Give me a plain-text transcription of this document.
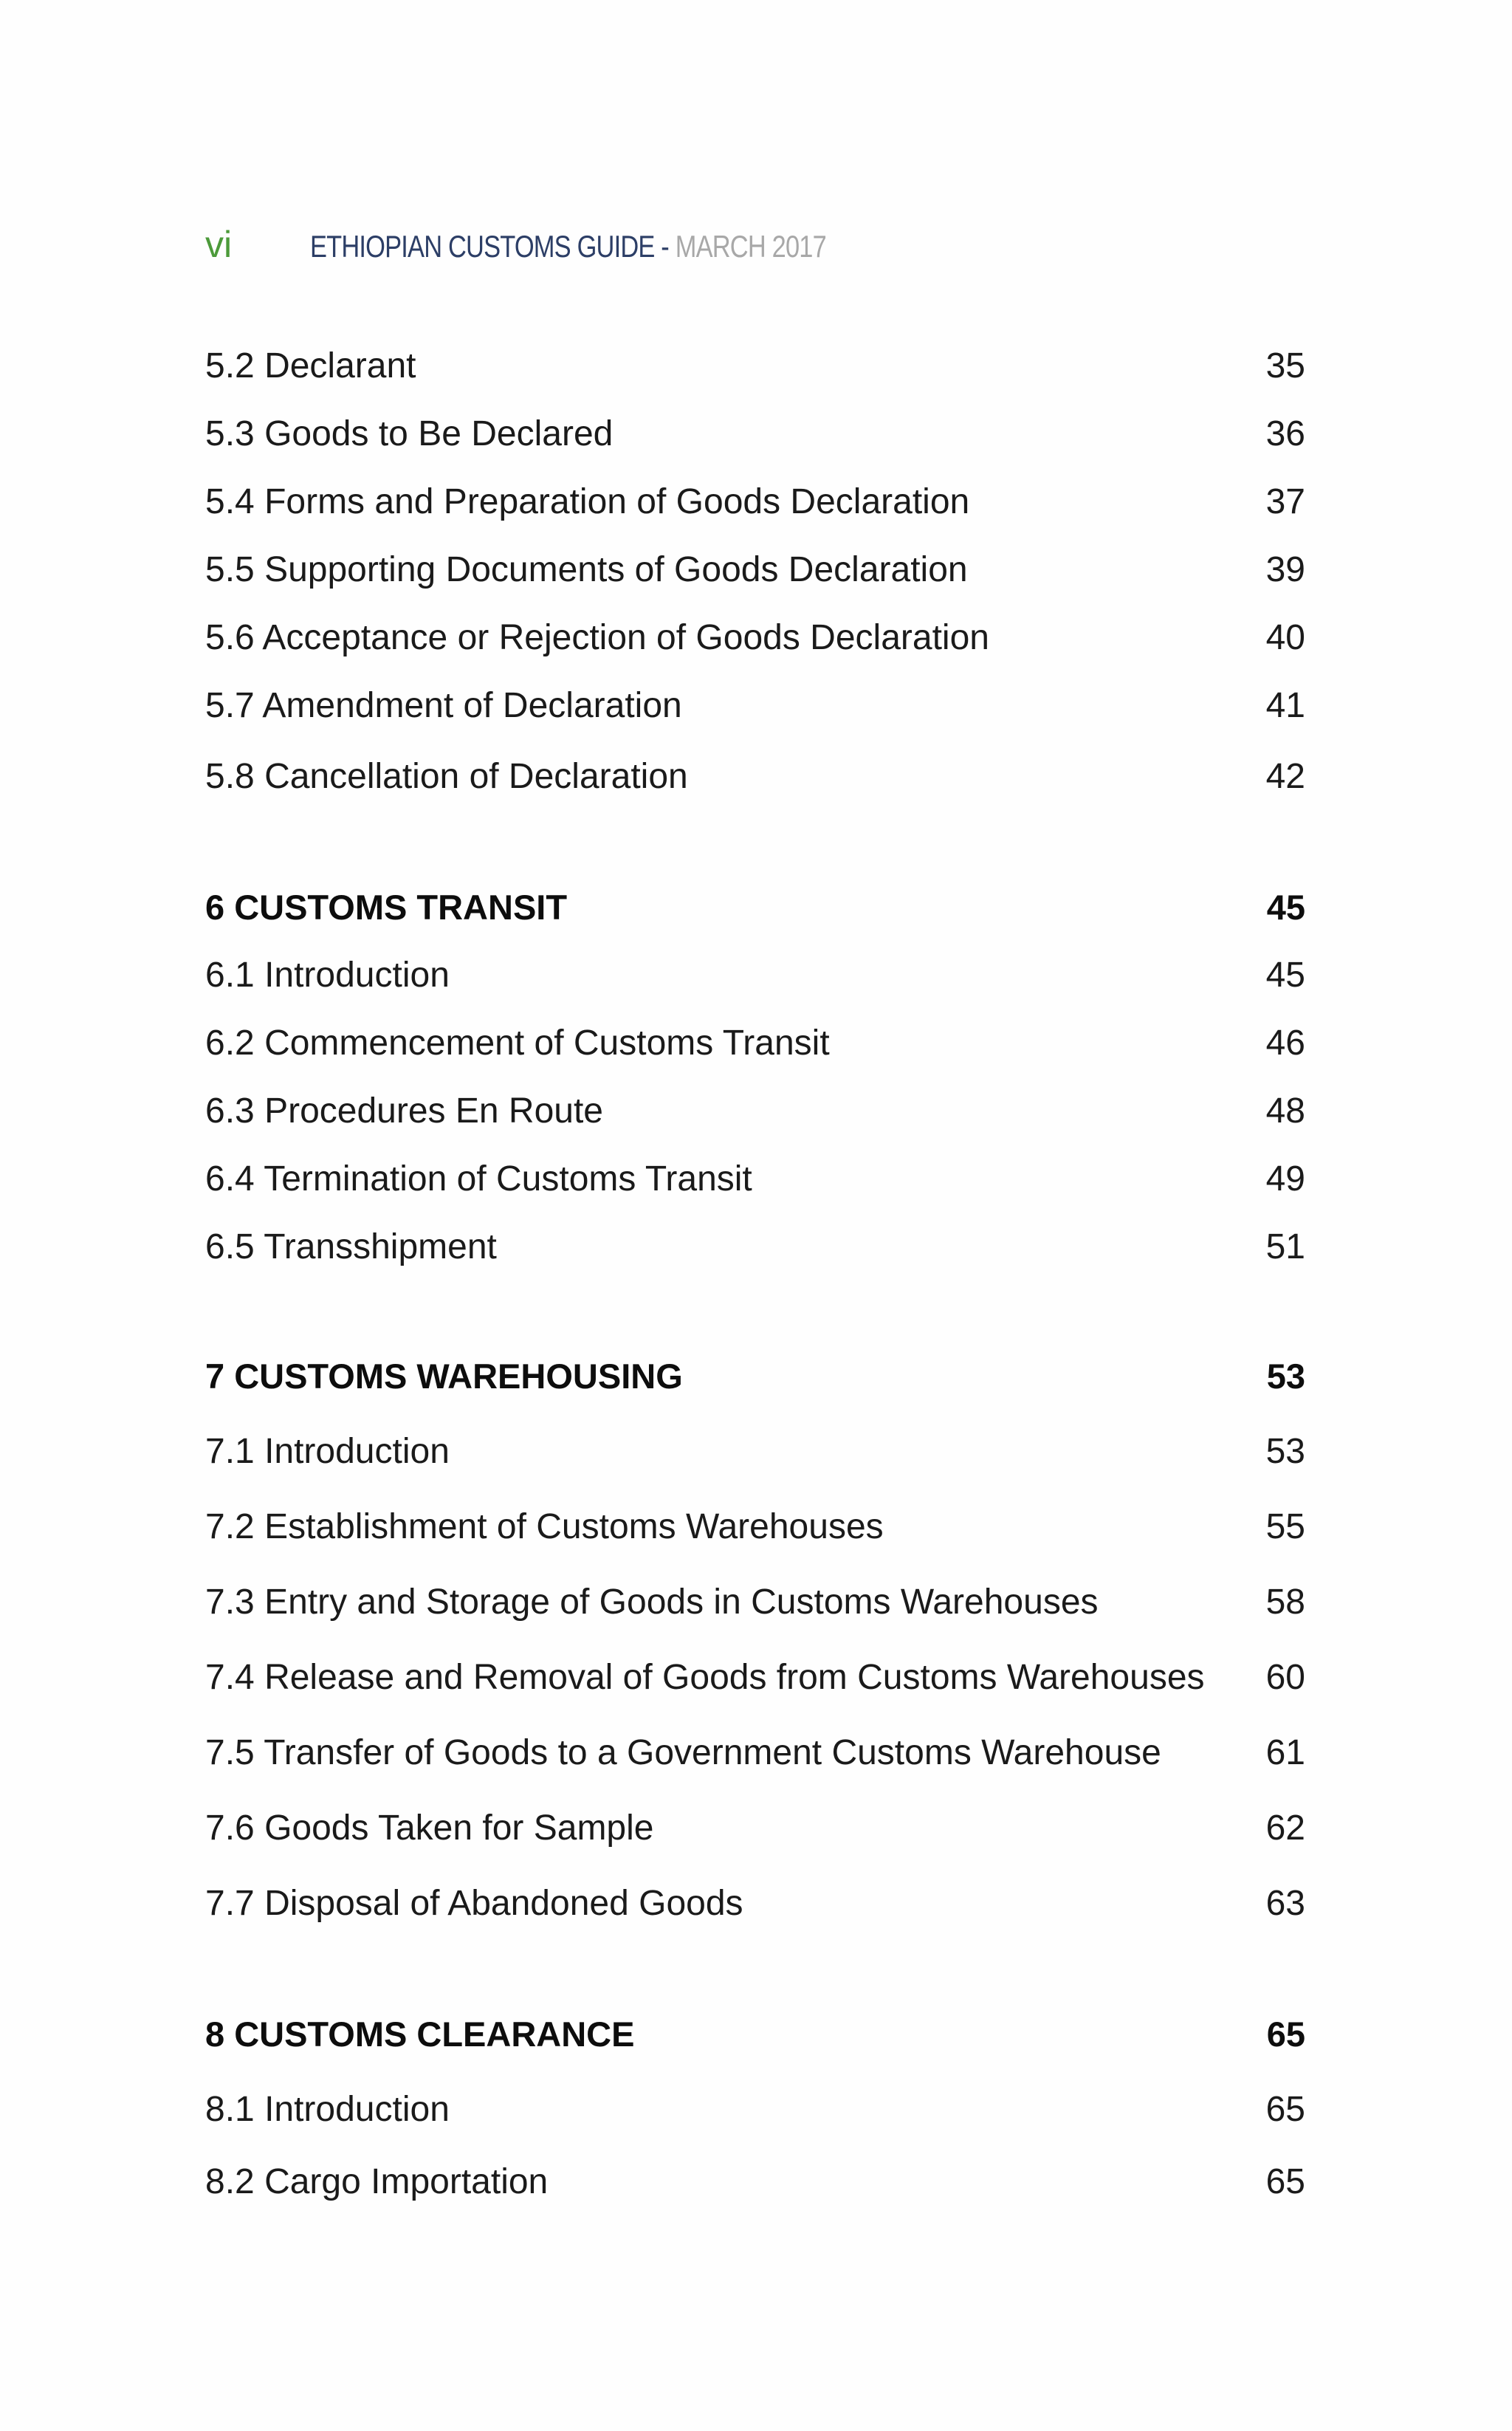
vi	ETHIOPIAN CUSTOMS GUIDE - MARCH 2017
5.2 Declarant	35
5.3 Goods to Be Declared	36
5.4 Forms and Preparation of Goods Declaration	37
5.5 Supporting Documents of Goods Declaration	39
5.6 Acceptance or Rejection of Goods Declaration	40
5.7 Amendment of Declaration	41
5.8 Cancellation of Declaration	42
6 CUSTOMS TRANSIT	45
6.1 Introduction	45
6.2 Commencement of Customs Transit	46
6.3 Procedures En Route	48
6.4 Termination of Customs Transit	49
6.5 Transshipment	51
7 CUSTOMS WAREHOUSING	53
7.1 Introduction	53
7.2 Establishment of Customs Warehouses	55
7.3 Entry and Storage of Goods in Customs Warehouses	58
7.4 Release and Removal of Goods from Customs Warehouses	60
7.5 Transfer of Goods to a Government Customs Warehouse	61
7.6 Goods Taken for Sample	62
7.7 Disposal of Abandoned Goods	63
8 CUSTOMS CLEARANCE	65
8.1 Introduction	65
8.2 Cargo Importation	65
